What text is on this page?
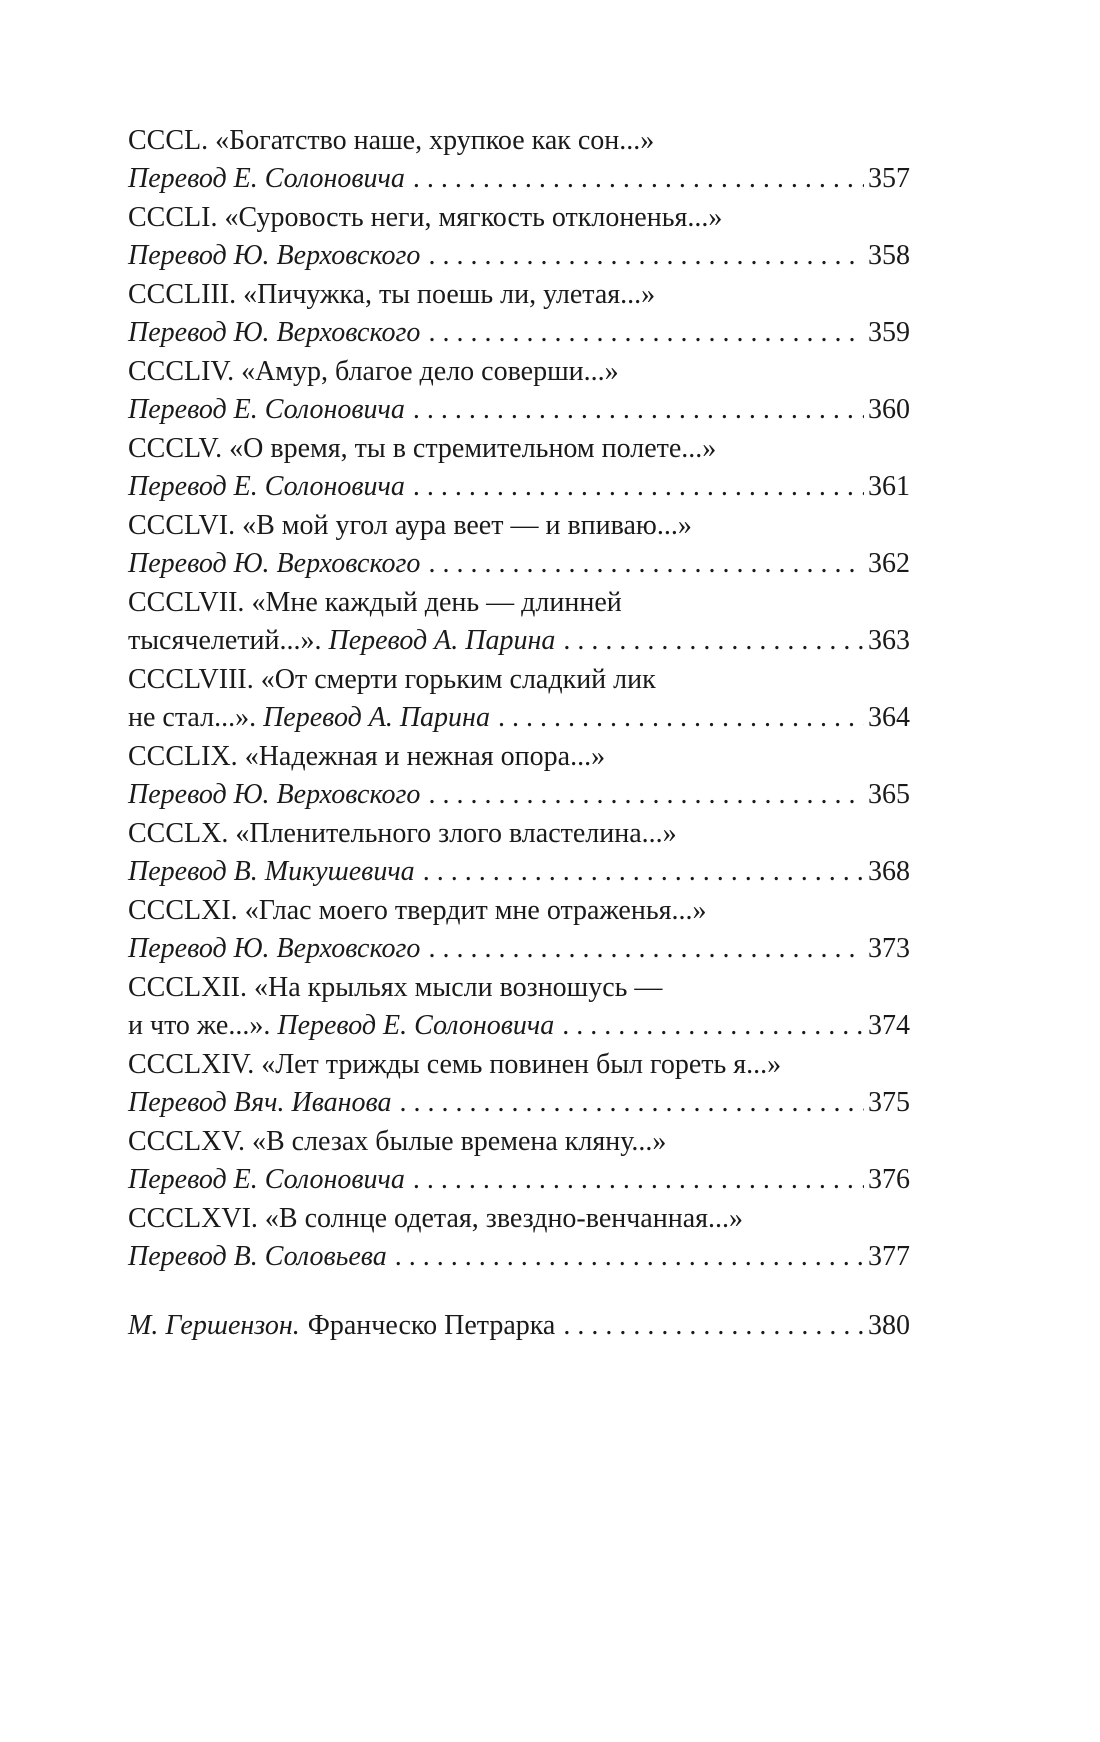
CCCL. «Богатство наше, хрупкое как сон...»
Перевод Е. Солоновича . . .	357
CCCLI. «Суровость неги, мягкость отклоненья...»
Перевод Ю. Верховского . . .	358
CCCLIII. «Пичужка, ты поешь ли, улетая...»
Перевод Ю. Верховского . . .	359
CCCLIV. «Амур, благое дело соверши...»
Перевод Е. Солоновича . . .	360
CCCLV. «О время, ты в стремительном полете...»
Перевод Е. Солоновича . . .	361
CCCLVI. «В мой угол аура веет — и впиваю...»
Перевод Ю. Верховского . . .	362
CCCLVII. «Мне каждый день — длинней
тысячелетий...».
Перевод А. Парина . . .	363
CCCLVIII. «От смерти горьким сладкий лик
не стал...».
Перевод А. Парина . . .	364
CCCLIX. «Надежная и нежная опора...»
Перевод Ю. Верховского . . .	365
CCCLX. «Пленительного злого властелина...»
Перевод В. Микушевича . . .	368
CCCLXI. «Глас моего твердит мне отраженья...»
Перевод Ю. Верховского . . .	373
CCCLXII. «На крыльях мысли возношусь —
и что же...».
Перевод Е. Солоновича . . .	374
CCCLXIV. «Лет трижды семь повинен был гореть я...»
Перевод Вяч. Иванова . . .	375
CCCLXV. «В слезах былые времена кляну...»
Перевод Е. Солоновича . . .	376
CCCLXVI. «В солнце одетая, звездно-венчанная...»
Перевод В. Соловьева . . .	377
М. Гершензон. Франческо Петрарка . . .	380
